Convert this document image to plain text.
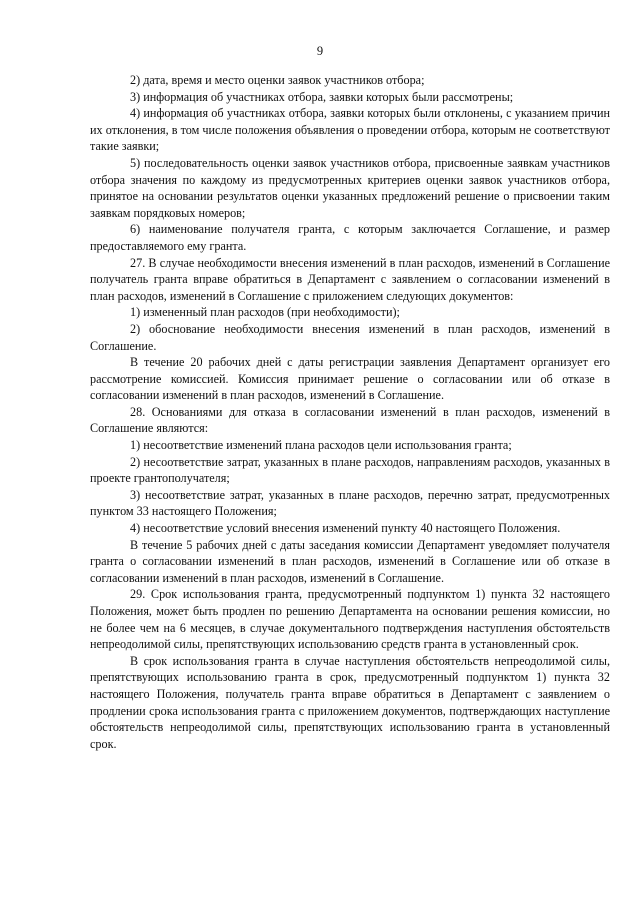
9

2) дата, время и место оценки заявок участников отбора;

3) информация об участниках отбора, заявки которых были рассмотрены;

4) информация об участниках отбора, заявки которых были отклонены, с указанием причин их отклонения, в том числе положения объявления о проведении отбора, которым не соответствуют такие заявки;

5) последовательность оценки заявок участников отбора, присвоенные заявкам участников отбора значения по каждому из предусмотренных критериев оценки заявок участников отбора, принятое на основании результатов оценки указанных предложений решение о присвоении таким заявкам порядковых номеров;

6) наименование получателя гранта, с которым заключается Соглашение, и размер предоставляемого ему гранта.

27. В случае необходимости внесения изменений в план расходов, изменений в Соглашение получатель гранта вправе обратиться в Департамент с заявлением о согласовании изменений в план расходов, изменений в Соглашение с приложением следующих документов:

1) измененный план расходов (при необходимости);

2) обоснование необходимости внесения изменений в план расходов, изменений в Соглашение.

В течение 20 рабочих дней с даты регистрации заявления Департамент организует его рассмотрение комиссией. Комиссия принимает решение о согласовании или об отказе в согласовании изменений в план расходов, изменений в Соглашение.

28. Основаниями для отказа в согласовании изменений в план расходов, изменений в Соглашение являются:

1) несоответствие изменений плана расходов цели использования гранта;

2) несоответствие затрат, указанных в плане расходов, направлениям расходов, указанных в проекте грантополучателя;

3) несоответствие затрат, указанных в плане расходов, перечню затрат, предусмотренных пунктом 33 настоящего Положения;

4) несоответствие условий внесения изменений пункту 40 настоящего Положения.

В течение 5 рабочих дней с даты заседания комиссии Департамент уведомляет получателя гранта о согласовании изменений в план расходов, изменений в Соглашение или об отказе в согласовании изменений в план расходов, изменений в Соглашение.

29. Срок использования гранта, предусмотренный подпунктом 1) пункта 32 настоящего Положения, может быть продлен по решению Департамента на основании решения комиссии, но не более чем на 6 месяцев, в случае документального подтверждения наступления обстоятельств непреодолимой силы, препятствующих использованию средств гранта в установленный срок.

В срок использования гранта в случае наступления обстоятельств непреодолимой силы, препятствующих использованию гранта в срок, предусмотренный подпунктом 1) пункта 32 настоящего Положения, получатель гранта вправе обратиться в Департамент с заявлением о продлении срока использования гранта с приложением документов, подтверждающих наступление обстоятельств непреодолимой силы, препятствующих использованию гранта в установленный срок.
